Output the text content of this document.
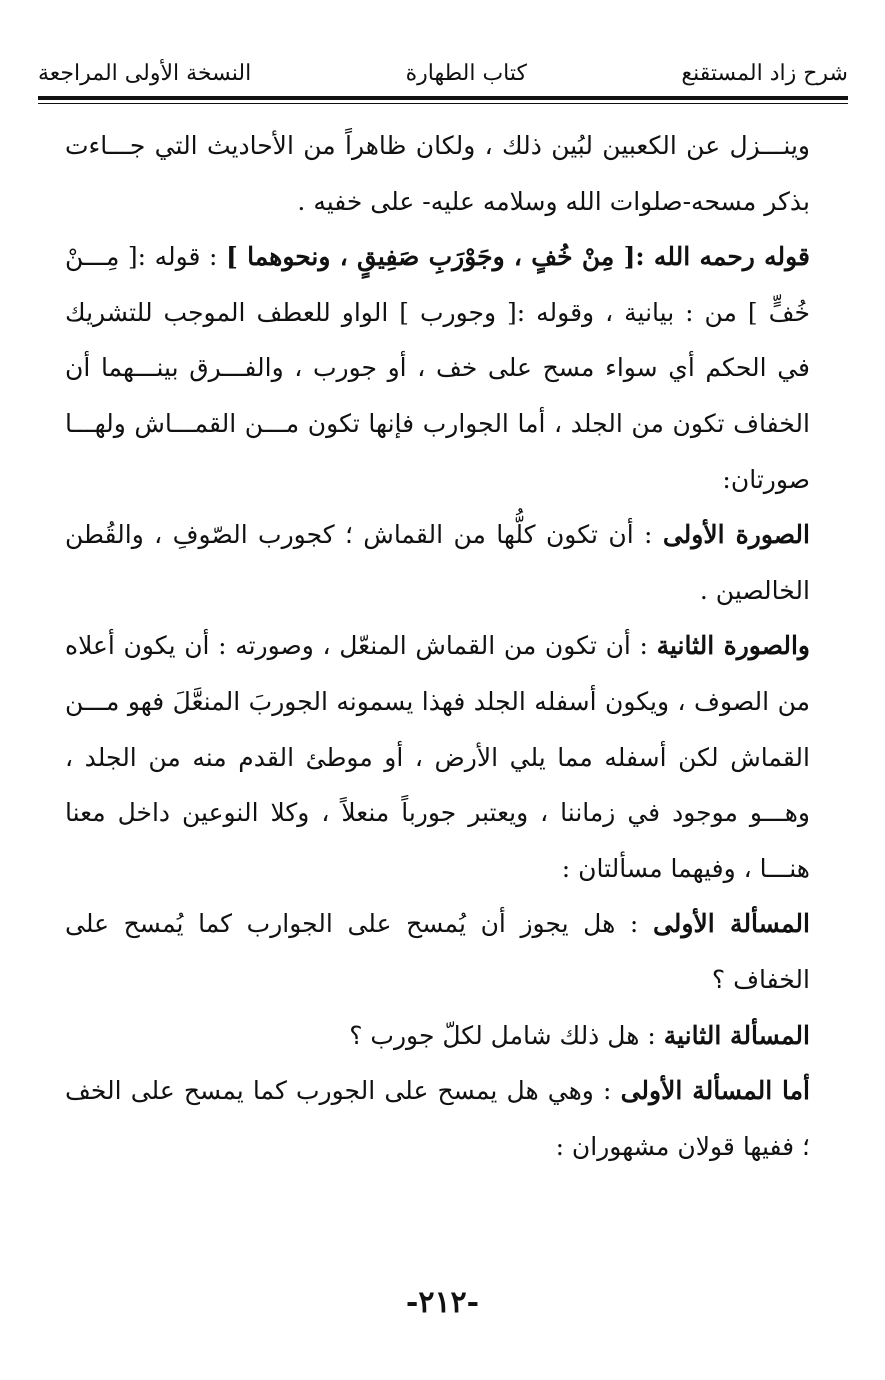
شرح زاد المستقنع
كتاب الطهارة
النسخة الأولى المراجعة

وينـــزل عن الكعبين لبُين ذلك ، ولكان ظاهراً من الأحاديث التي جـــاءت بذكر مسحه-صلوات الله وسلامه عليه- على خفيه .

قوله رحمه الله :[ مِنْ خُفٍ ، وجَوْرَبِ صَفِيقٍ ، ونحوهما ] : قوله :[ مِـــنْ خُفٍّ ] من : بيانية ، وقوله :[ وجورب ] الواو للعطف الموجب للتشريك في الحكم أي سواء مسح على خف ، أو جورب ، والفـــرق بينـــهما أن الخفاف تكون من الجلد ، أما الجوارب فإنها تكون مـــن القمـــاش ولهـــا صورتان:

الصورة الأولى : أن تكون كلُّها من القماش ؛ كجورب الصّوفِ ، والقُطن الخالصين .

والصورة الثانية : أن تكون من القماش المنعّل ، وصورته : أن يكون أعلاه من الصوف ، ويكون أسفله الجلد فهذا يسمونه الجوربَ المنعَّلَ فهو مـــن القماش لكن أسفله مما يلي الأرض ، أو موطئ القدم منه من الجلد ، وهـــو موجود في زماننا ، ويعتبر جورباً منعلاً ، وكلا النوعين داخل معنا هنـــا ، وفيهما مسألتان :

المسألة الأولى : هل يجوز أن يُمسح على الجوارب كما يُمسح على الخفاف ؟

المسألة الثانية : هل ذلك شامل لكلّ جورب ؟

أما المسألة الأولى : وهي هل يمسح على الجورب كما يمسح على الخف ؛ ففيها قولان مشهوران :

-٢١٢-
